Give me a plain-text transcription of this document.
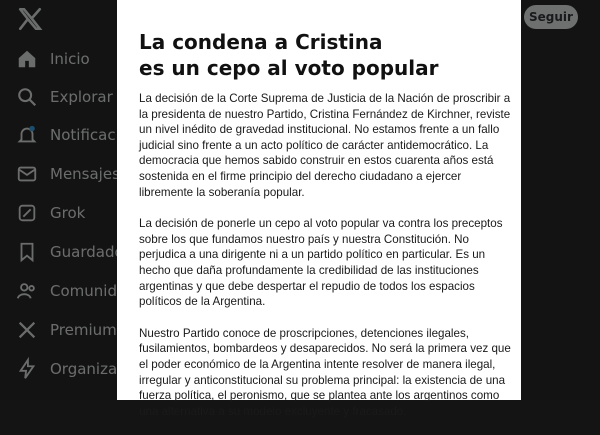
La condena a Cristina
es un cepo al voto popular

La decisión de la Corte Suprema de Justicia de la Nación de proscribir a la presidenta de nuestro Partido, Cristina Fernández de Kirchner, reviste un nivel inédito de gravedad institucional. No estamos frente a un fallo judicial sino frente a un acto político de carácter antidemocrático. La democracia que hemos sabido construir en estos cuarenta años está sostenida en el firme principio del derecho ciudadano a ejercer libremente la soberanía popular.

La decisión de ponerle un cepo al voto popular va contra los preceptos sobre los que fundamos nuestro país y nuestra Constitución. No perjudica a una dirigente ni a un partido político en particular. Es un hecho que daña profundamente la credibilidad de las instituciones argentinas y que debe despertar el repudio de todos los espacios políticos de la Argentina.

Nuestro Partido conoce de proscripciones, detenciones ilegales, fusilamientos, bombardeos y desaparecidos. No será la primera vez que el poder económico de la Argentina intente resolver de manera ilegal, irregular y anticonstitucional su problema principal: la existencia de una fuerza política, el peronismo, que se plantea ante los argentinos como una alternativa a su modelo excluyente y fracasado.
